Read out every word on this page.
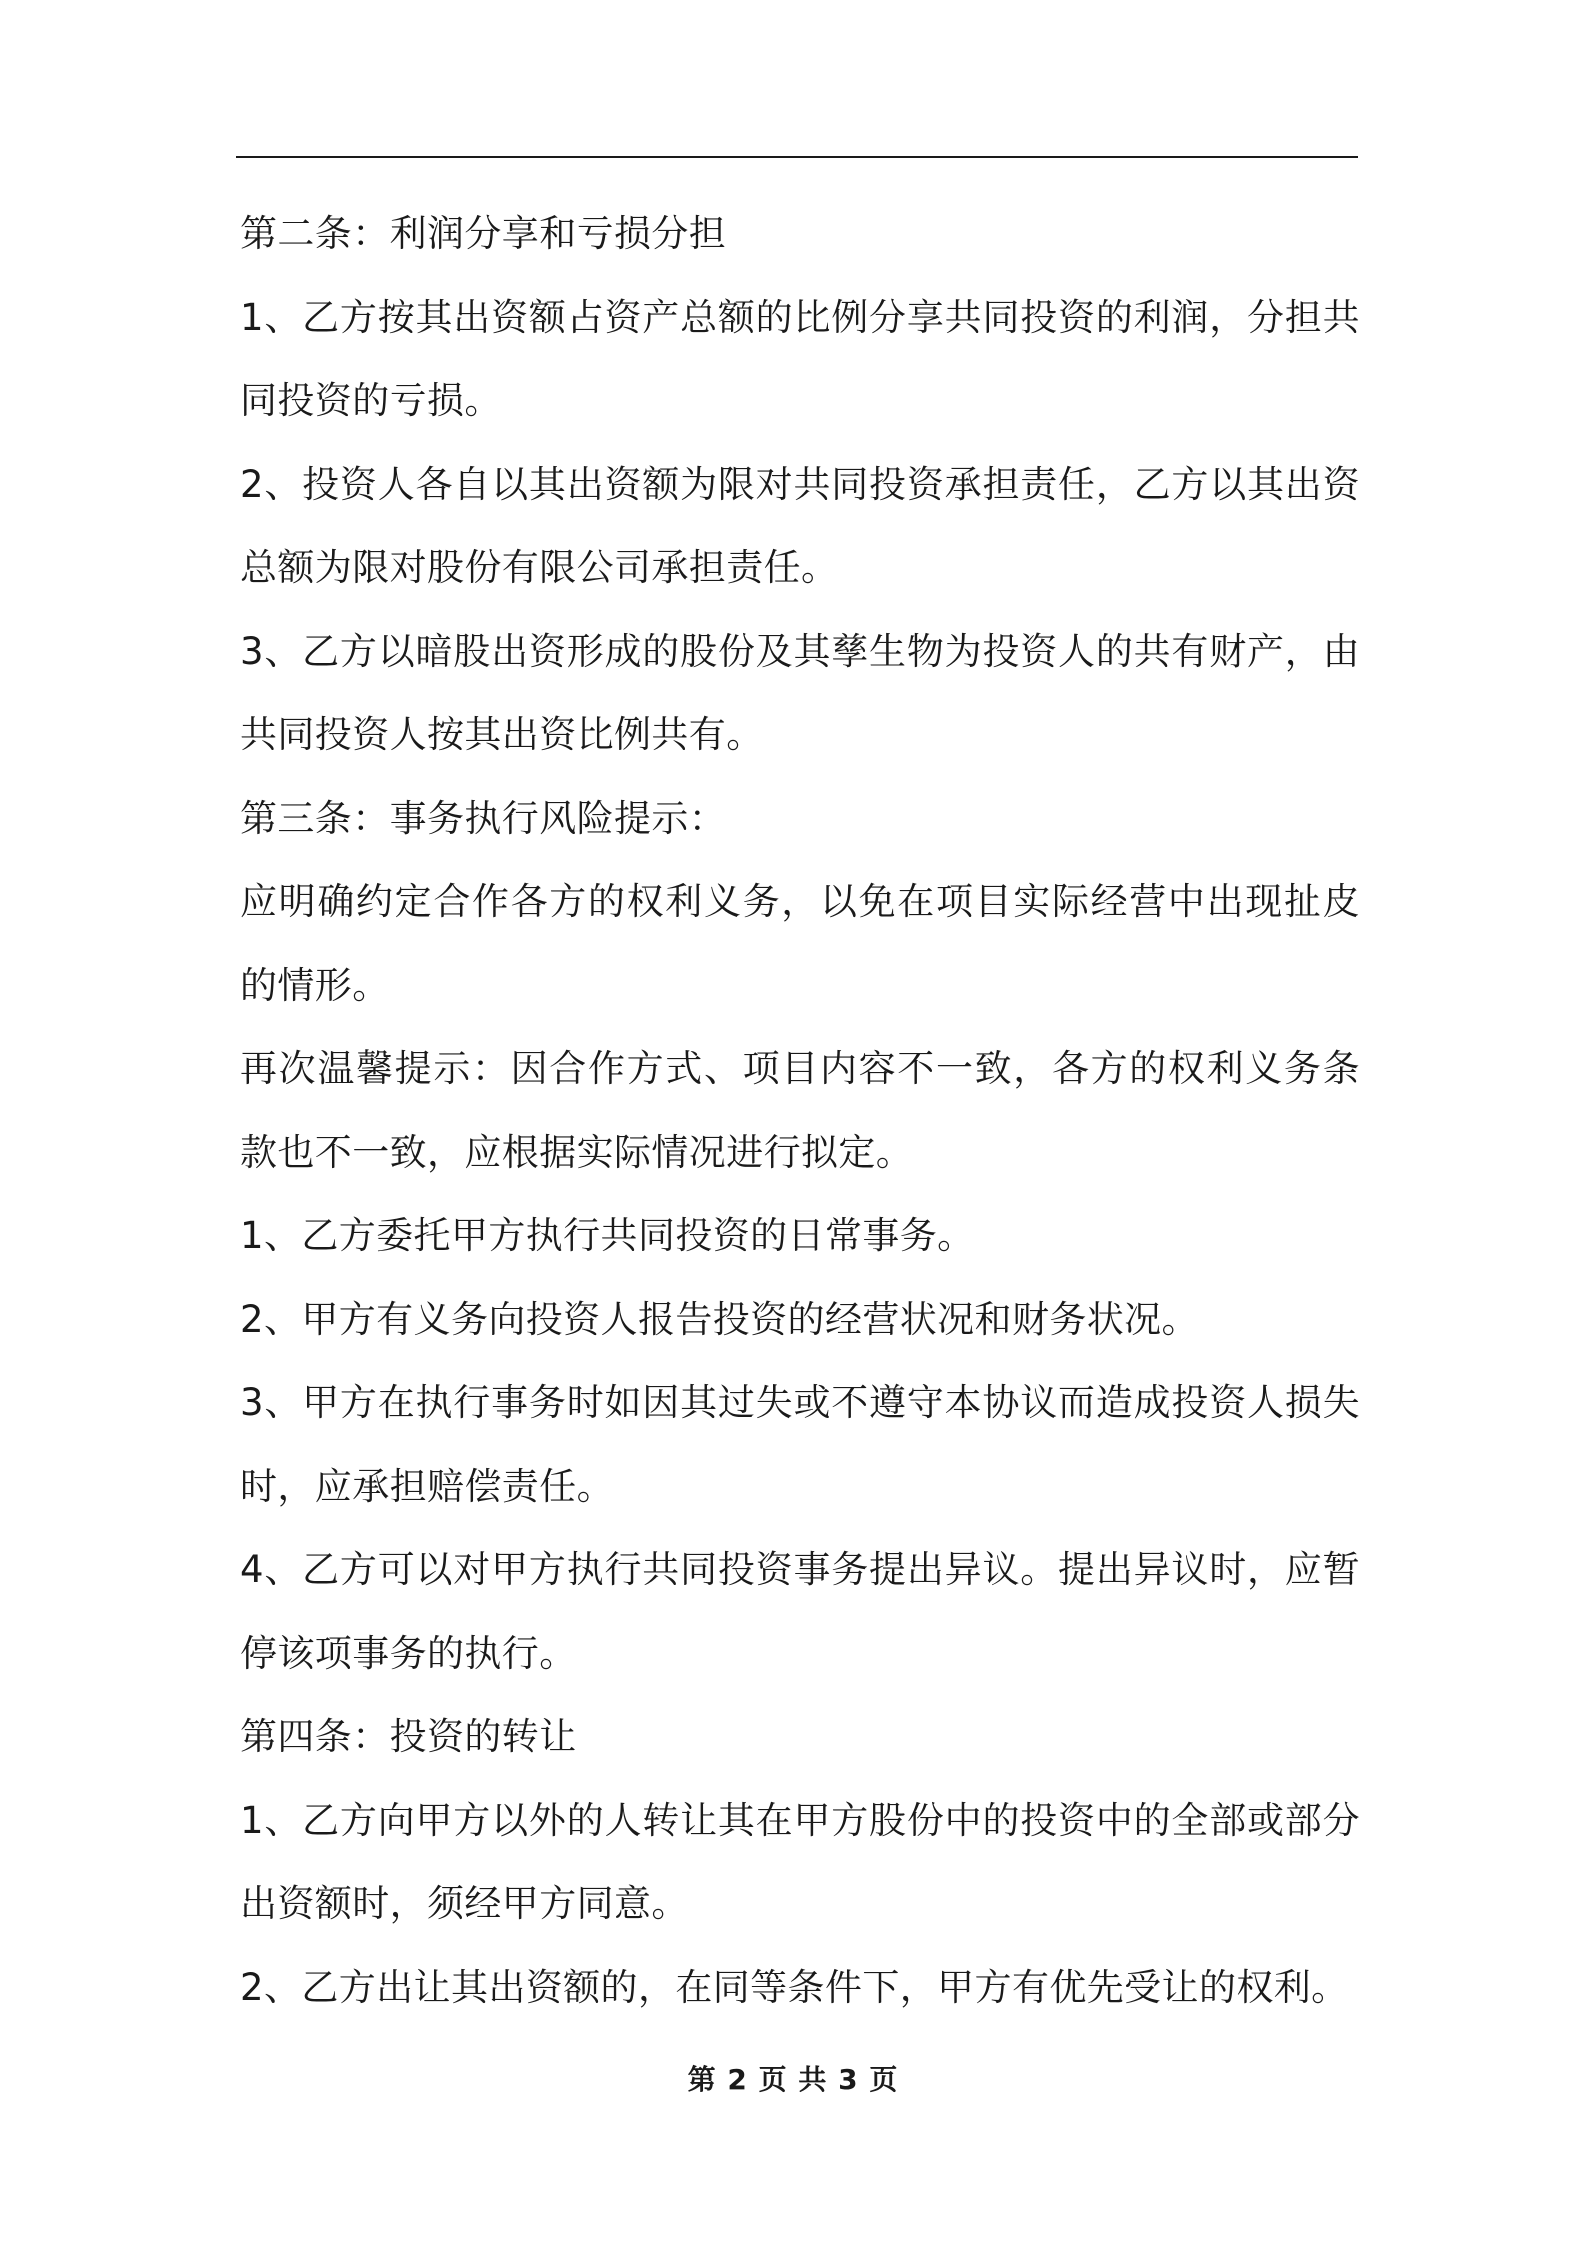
第二条：利润分享和亏损分担

1、乙方按其出资额占资产总额的比例分享共同投资的利润，分担共同投资的亏损。

2、投资人各自以其出资额为限对共同投资承担责任，乙方以其出资总额为限对股份有限公司承担责任。

3、乙方以暗股出资形成的股份及其孳生物为投资人的共有财产，由共同投资人按其出资比例共有。

第三条：事务执行风险提示：

应明确约定合作各方的权利义务，以免在项目实际经营中出现扯皮的情形。

再次温馨提示：因合作方式、项目内容不一致，各方的权利义务条款也不一致，应根据实际情况进行拟定。

1、乙方委托甲方执行共同投资的日常事务。

2、甲方有义务向投资人报告投资的经营状况和财务状况。

3、甲方在执行事务时如因其过失或不遵守本协议而造成投资人损失时，应承担赔偿责任。

4、乙方可以对甲方执行共同投资事务提出异议。提出异议时，应暂停该项事务的执行。

第四条：投资的转让

1、乙方向甲方以外的人转让其在甲方股份中的投资中的全部或部分出资额时，须经甲方同意。

2、乙方出让其出资额的，在同等条件下，甲方有优先受让的权利。

第 2 页 共 3 页
